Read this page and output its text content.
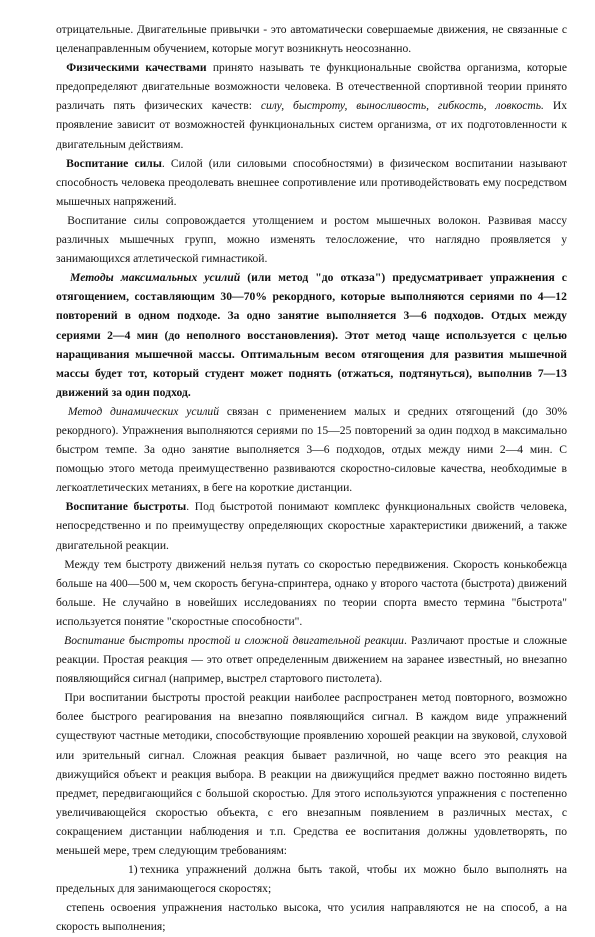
отрицательные. Двигательные привычки - это автоматически совершаемые движения, не связанные с целенаправленным обучением, которые могут возникнуть неосознанно.

Физическими качествами принято называть те функциональные свойства организма, которые предопределяют двигательные возможности человека. В отечественной спортивной теории принято различать пять физических качеств: силу, быстроту, выносливость, гибкость, ловкость. Их проявление зависит от возможностей функциональных систем организма, от их подготовленности к двигательным действиям.

Воспитание силы. Силой (или силовыми способностями) в физическом воспитании называют способность человека преодолевать внешнее сопротивление или противодействовать ему посредством мышечных напряжений.

Воспитание силы сопровождается утолщением и ростом мышечных волокон. Развивая массу различных мышечных групп, можно изменять телосложение, что наглядно проявляется у занимающихся атлетической гимнастикой.

Методы максимальных усилий (или метод "до отказа") предусматривает упражнения с отягощением, составляющим 30—70% рекордного, которые выполняются сериями по 4—12 повторений в одном подходе. За одно занятие выполняется 3—6 подходов. Отдых между сериями 2—4 мин (до неполного восстановления). Этот метод чаще используется с целью наращивания мышечной массы. Оптимальным весом отягощения для развития мышечной массы будет тот, который студент может поднять (отжаться, подтянуться), выполнив 7—13 движений за один подход.

Метод динамических усилий связан с применением малых и средних отягощений (до 30% рекордного). Упражнения выполняются сериями по 15—25 повторений за один подход в максимально быстром темпе. За одно занятие выполняется 3—6 подходов, отдых между ними 2—4 мин. С помощью этого метода преимущественно развиваются скоростно-силовые качества, необходимые в легкоатлетических метаниях, в беге на короткие дистанции.

Воспитание быстроты. Под быстротой понимают комплекс функциональных свойств человека, непосредственно и по преимуществу определяющих скоростные характеристики движений, а также двигательной реакции.

Между тем быстроту движений нельзя путать со скоростью передвижения. Скорость конькобежца больше на 400—500 м, чем скорость бегуна-спринтера, однако у второго частота (быстрота) движений больше. Не случайно в новейших исследованиях по теории спорта вместо термина "быстрота" используется понятие "скоростные способности".

Воспитание быстроты простой и сложной двигательной реакции. Различают простые и сложные реакции. Простая реакция — это ответ определенным движением на заранее известный, но внезапно появляющийся сигнал (например, выстрел стартового пистолета).

При воспитании быстроты простой реакции наиболее распространен метод повторного, возможно более быстрого реагирования на внезапно появляющийся сигнал. В каждом виде упражнений существуют частные методики, способствующие проявлению хорошей реакции на звуковой, слуховой или зрительный сигнал. Сложная реакция бывает различной, но чаще всего это реакция на движущийся объект и реакция выбора. В реакции на движущийся предмет важно постоянно видеть предмет, передвигающийся с большой скоростью. Для этого используются упражнения с постепенно увеличивающейся скоростью объекта, с его внезапным появлением в различных местах, с сокращением дистанции наблюдения и т.п. Средства ее воспитания должны удовлетворять, по меньшей мере, трем следующим требованиям:

1) техника упражнений должна быть такой, чтобы их можно было выполнять на предельных для занимающегося скоростях;

степень освоения упражнения настолько высока, что усилия направляются не на способ, а на скорость выполнения;
